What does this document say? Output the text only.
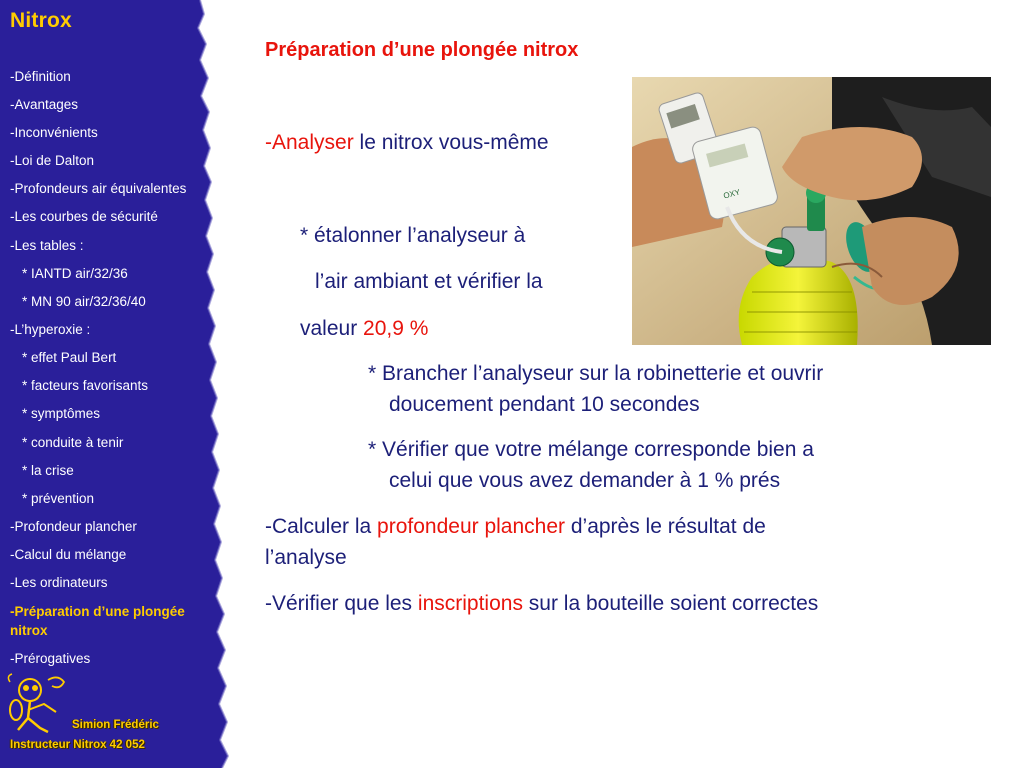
Nitrox
-Définition
-Avantages
-Inconvénients
-Loi de Dalton
-Profondeurs air équivalentes
-Les courbes de sécurité
-Les tables :
* IANTD air/32/36
* MN 90 air/32/36/40
-L’hyperoxie :
* effet Paul Bert
* facteurs favorisants
* symptômes
* conduite à tenir
* la crise
* prévention
-Profondeur plancher
-Calcul du mélange
-Les ordinateurs
-Préparation d’une plongée nitrox
-Prérogatives
Simion Frédéric
Instructeur Nitrox 42 052
Préparation d’une plongée nitrox
-Analyser le nitrox vous-même
* étalonner l’analyseur à
l’air ambiant et vérifier la
valeur 20,9 %
* Brancher l’analyseur sur la robinetterie et ouvrir
doucement pendant 10 secondes
* Vérifier que votre mélange corresponde bien a
celui que vous avez demander à 1 % prés
-Calculer la profondeur plancher d’après le résultat de
l’analyse
-Vérifier que les inscriptions sur la bouteille soient correctes
OXY
